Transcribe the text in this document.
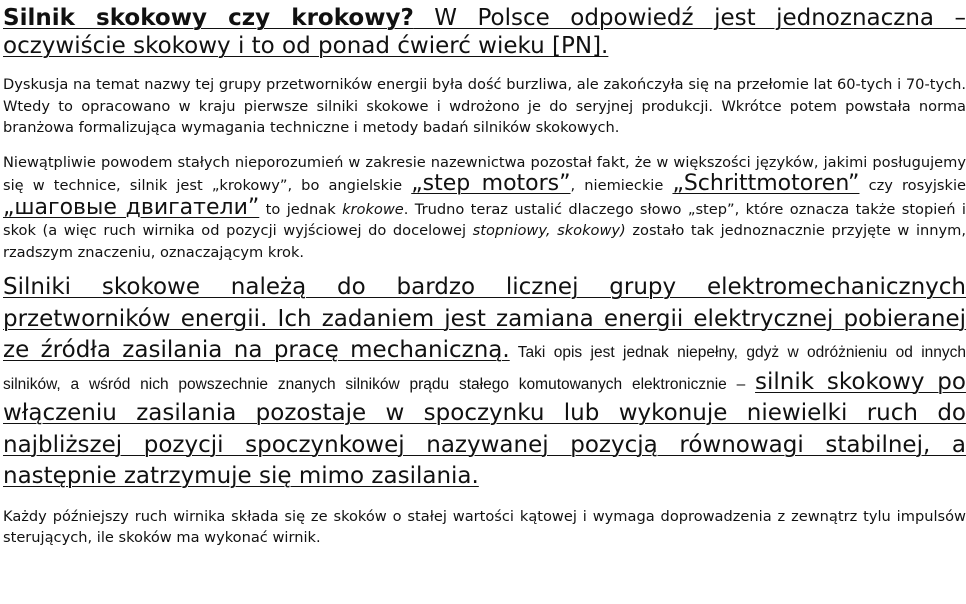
Silnik skokowy czy krokowy? W Polsce odpowiedź jest jednoznaczna – oczywiście skokowy i to od ponad ćwierć wieku [PN].

Dyskusja na temat nazwy tej grupy przetworników energii była dość burzliwa, ale zakończyła się na przełomie lat 60-tych i 70-tych. Wtedy to opracowano w kraju pierwsze silniki skokowe i wdrożono je do seryjnej produkcji. Wkrótce potem powstała norma branżowa formalizująca wymagania techniczne i metody badań silników skokowych.

Niewątpliwie powodem stałych nieporozumień w zakresie nazewnictwa pozostał fakt, że w większości języków, jakimi posługujemy się w technice, silnik jest „krokowy”, bo angielskie „step motors”, niemieckie „Schrittmotoren” czy rosyjskie „шаговые двигатели” to jednak krokowe. Trudno teraz ustalić dlaczego słowo „step”, które oznacza także stopień i skok (a więc ruch wirnika od pozycji wyjściowej do docelowej stopniowy, skokowy) zostało tak jednoznacznie przyjęte w innym, rzadszym znaczeniu, oznaczającym krok.

Silniki skokowe należą do bardzo licznej grupy elektromechanicznych przetworników energii. Ich zadaniem jest zamiana energii elektrycznej pobieranej ze źródła zasilania na pracę mechaniczną. Taki opis jest jednak niepełny, gdyż w odróżnieniu od innych silników, a wśród nich powszechnie znanych silników prądu stałego komutowanych elektronicznie – silnik skokowy po włączeniu zasilania pozostaje w spoczynku lub wykonuje niewielki ruch do najbliższej pozycji spoczynkowej nazywanej pozycją równowagi stabilnej, a następnie zatrzymuje się mimo zasilania.

Każdy późniejszy ruch wirnika składa się ze skoków o stałej wartości kątowej i wymaga doprowadzenia z zewnątrz tylu impulsów sterujących, ile skoków ma wykonać wirnik.
